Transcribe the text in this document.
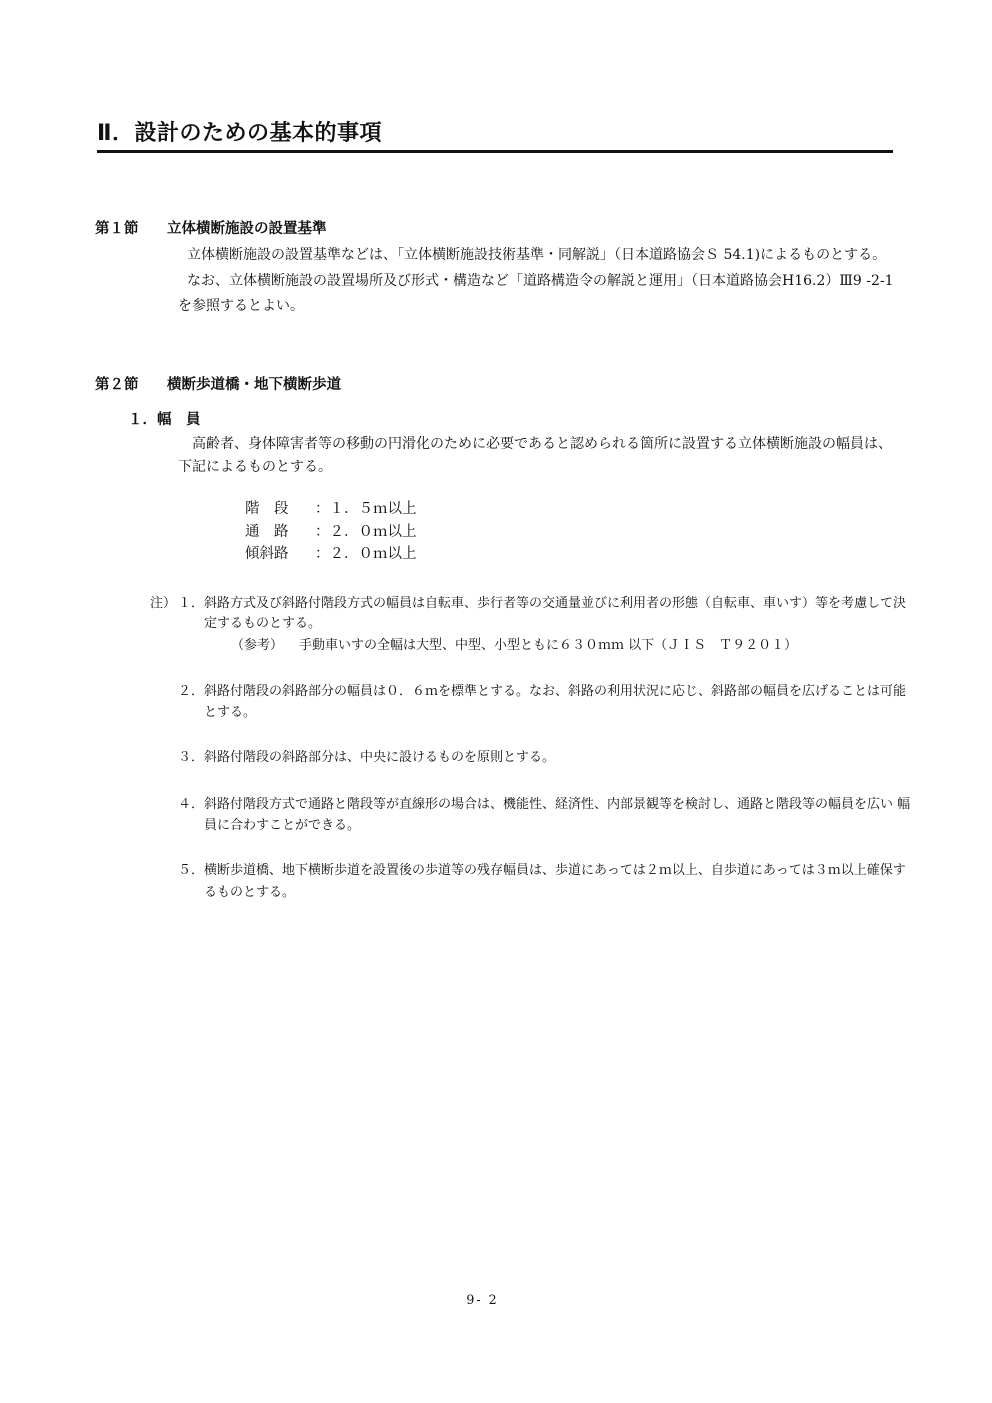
Ⅱ．設計のための基本的事項
第１節 立体横断施設の設置基準
立体横断施設の設置基準などは、「立体横断施設技術基準・同解説」（日本道路協会Ｓ 54.1)によるものとする。
なお、立体横断施設の設置場所及び形式・構造など「道路構造令の解説と運用」（日本道路協会H16.2）Ⅲ9 -2-1
を参照するとよい。
第２節 横断歩道橋・地下横断歩道
１．幅　員
高齢者、身体障害者等の移動の円滑化のために必要であると認められる箇所に設置する立体横断施設の幅員は、
下記によるものとする。
階　段 ：１．５ｍ以上
通　路 ：２．０ｍ以上
傾斜路 ：２．０ｍ以上
注） １．斜路方式及び斜路付階段方式の幅員は自転車、歩行者等の交通量並びに利用者の形態（自転車、車いす）等を考慮して決
定するものとする。
（参考） 手動車いすの全幅は大型、中型、小型ともに６３０ｍｍ 以下（ＪＩＳ　Ｔ９２０１）
２．斜路付階段の斜路部分の幅員は０．６ｍを標準とする。なお、斜路の利用状況に応じ、斜路部の幅員を広げることは可能
とする。
３．斜路付階段の斜路部分は、中央に設けるものを原則とする。
４．斜路付階段方式で通路と階段等が直線形の場合は、機能性、経済性、内部景観等を検討し、通路と階段等の幅員を広い 幅
員に合わすことができる。
５．横断歩道橋、地下横断歩道を設置後の歩道等の残存幅員は、歩道にあっては２ｍ以上、自歩道にあっては３ｍ以上確保す
るものとする。
9- 2
